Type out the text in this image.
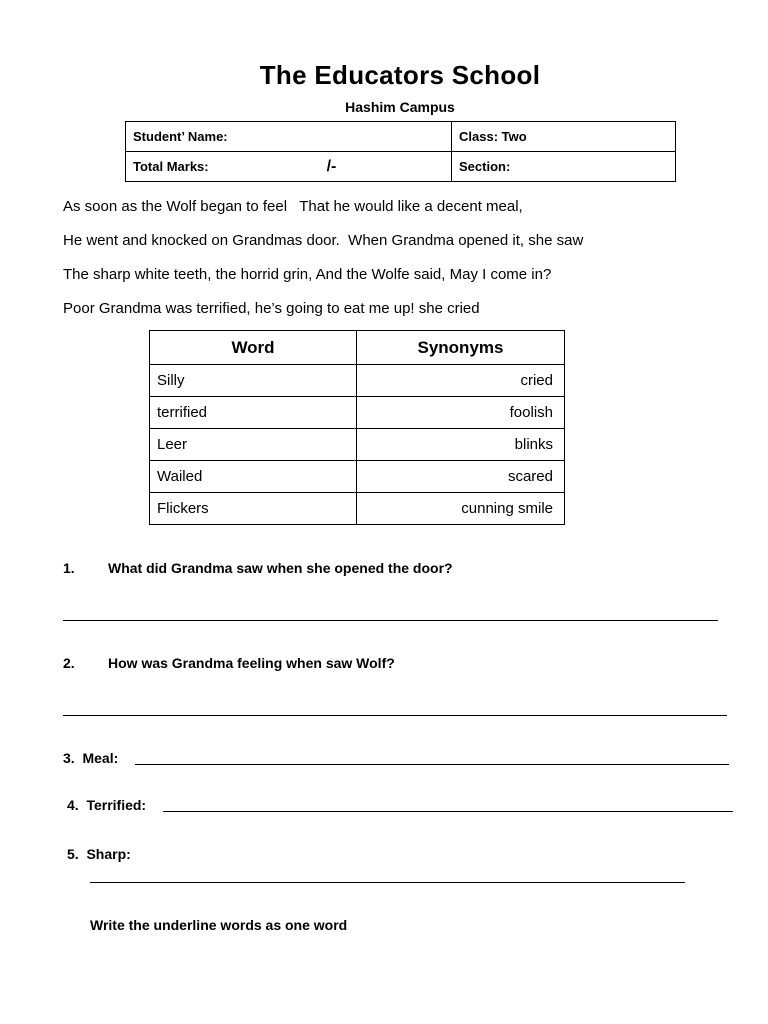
The Educators School
Hashim Campus
Student’ Name:	Class: Two
Total Marks: /-	Section:
As soon as the Wolf began to feel   That he would like a decent meal,
He went and knocked on Grandmas door.  When Grandma opened it, she saw
The sharp white teeth, the horrid grin, And the Wolfe said, May I come in?
Poor Grandma was terrified, he’s going to eat me up! she cried
Word	Synonyms
Silly	cried
terrified	foolish
Leer	blinks
Wailed	scared
Flickers	cunning smile
1. What did Grandma saw when she opened the door?
2. How was Grandma feeling when saw Wolf?
3.  Meal:
4.  Terrified:
5.  Sharp:
Write the underline words as one word
